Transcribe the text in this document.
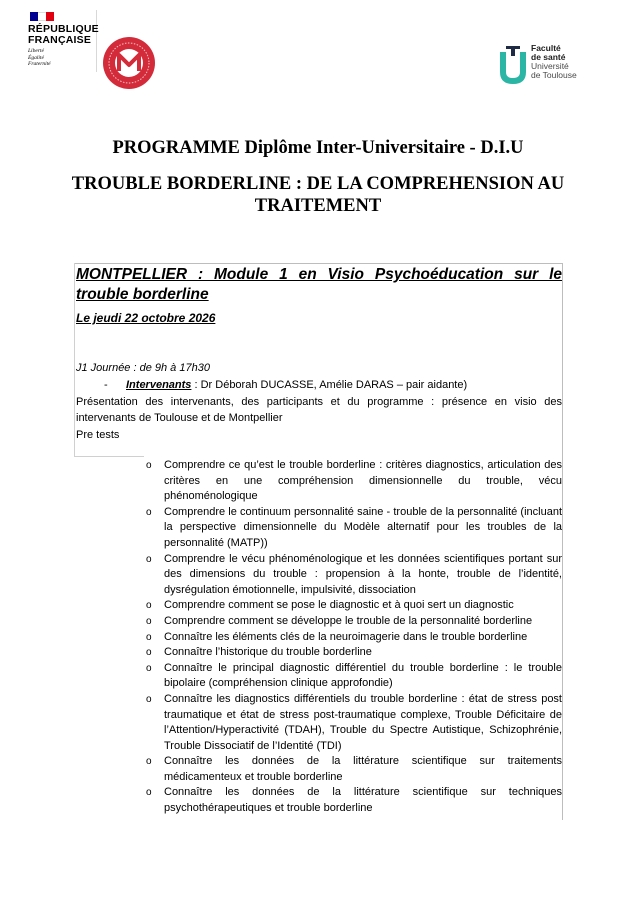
RÉPUBLIQUE
FRANÇAISE
Liberté
Égalité
Fraternité
Faculté
de santé
Université
de Toulouse
PROGRAMME Diplôme Inter-Universitaire - D.I.U
TROUBLE BORDERLINE : DE LA COMPREHENSION AU
TRAITEMENT
MONTPELLIER : Module 1 en Visio Psychoéducation sur le trouble borderline
Le jeudi 22 octobre 2026
J1 Journée : de 9h à 17h30
- Intervenants : Dr Déborah DUCASSE, Amélie DARAS – pair aidante)
Présentation des intervenants, des participants et du programme : présence en visio des intervenants de Toulouse et de Montpellier
Pre tests
o Comprendre ce qu’est le trouble borderline : critères diagnostics, articulation des critères en une compréhension dimensionnelle du trouble, vécu phénoménologique
o Comprendre le continuum personnalité saine - trouble de la personnalité (incluant la perspective dimensionnelle du Modèle alternatif pour les troubles de la personnalité (MATP))
o Comprendre le vécu phénoménologique et les données scientifiques portant sur des dimensions du trouble : propension à la honte, trouble de l’identité, dysrégulation émotionnelle, impulsivité, dissociation
o Comprendre comment se pose le diagnostic et à quoi sert un diagnostic
o Comprendre comment se développe le trouble de la personnalité borderline
o Connaître les éléments clés de la neuroimagerie dans le trouble borderline
o Connaître l’historique du trouble borderline
o Connaître le principal diagnostic différentiel du trouble borderline : le trouble bipolaire (compréhension clinique approfondie)
o Connaître les diagnostics différentiels du trouble borderline : état de stress post traumatique et état de stress post-traumatique complexe, Trouble Déficitaire de l’Attention/Hyperactivité (TDAH), Trouble du Spectre Autistique, Schizophrénie, Trouble Dissociatif de l’Identité (TDI)
o Connaître les données de la littérature scientifique sur traitements médicamenteux et trouble borderline
o Connaître les données de la littérature scientifique sur techniques psychothérapeutiques et trouble borderline
